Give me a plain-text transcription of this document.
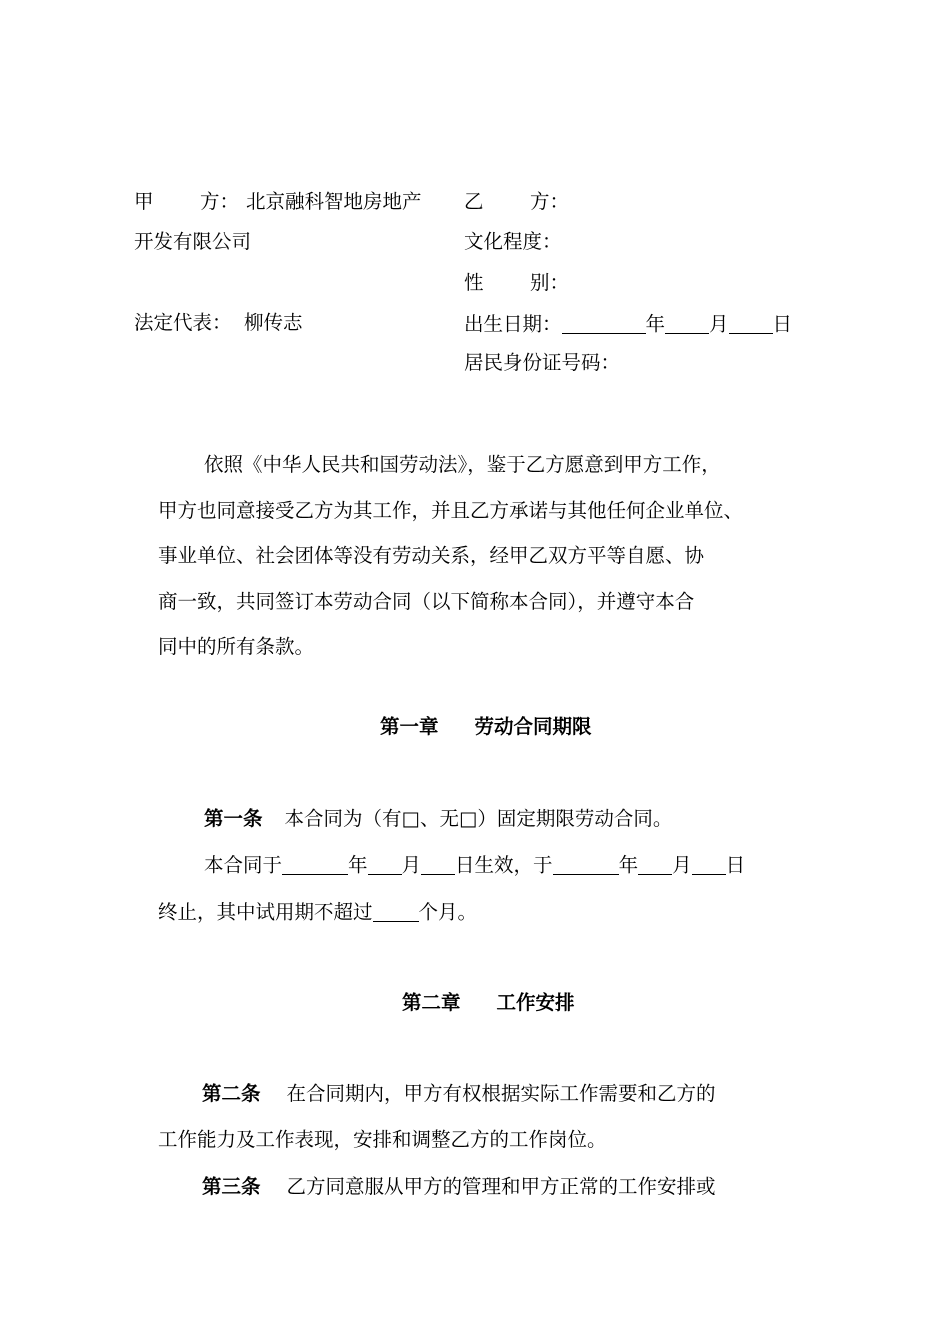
甲 方： 北京融科智地房地产
开发有限公司
法定代表： 柳传志
乙 方：
文化程度：
性 别：
出生日期：	年 月 日
居民身份证号码：

依照《中华人民共和国劳动法》，鉴于乙方愿意到甲方工作，

甲方也同意接受乙方为其工作，并且乙方承诺与其他任何企业单位、

事业单位、社会团体等没有劳动关系，经甲乙双方平等自愿、协

商一致，共同签订本劳动合同（以下简称本合同），并遵守本合

同中的所有条款。

第一章 劳动合同期限
第一条 本合同为（有□、无□）固定期限劳动合同。
本合同于	年 月 日生效，于	年 月 日
终止，其中试用期不超过 个月。
第二章 工作安排
第二条 在合同期内，甲方有权根据实际工作需要和乙方的
工作能力及工作表现，安排和调整乙方的工作岗位。
第三条 乙方同意服从甲方的管理和甲方正常的工作安排或
